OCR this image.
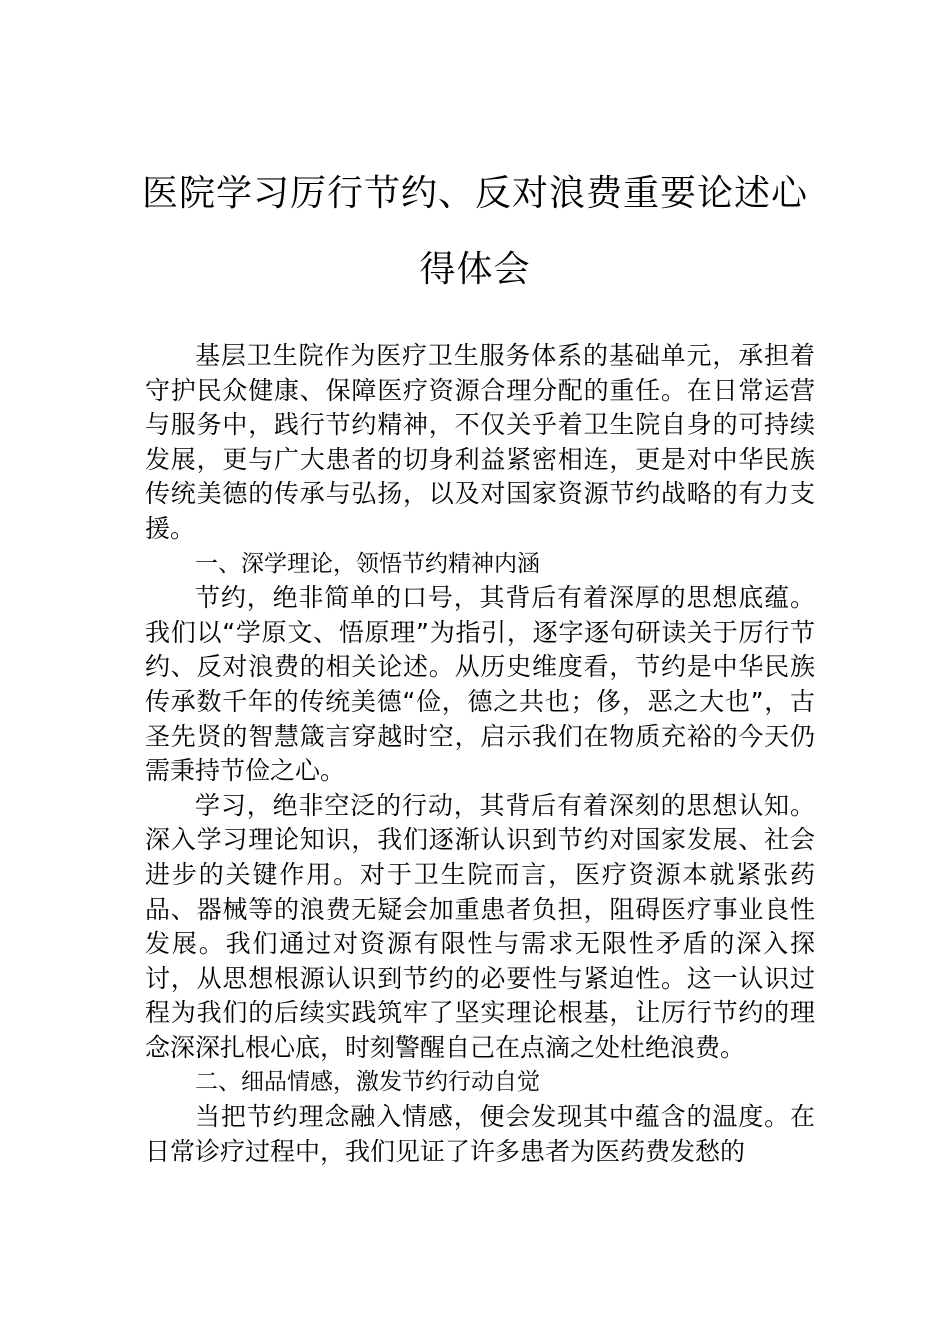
医院学习厉行节约、反对浪费重要论述心
得体会

基层卫生院作为医疗卫生服务体系的基础单元，承担着守护民众健康、保障医疗资源合理分配的重任。在日常运营与服务中，践行节约精神，不仅关乎着卫生院自身的可持续发展，更与广大患者的切身利益紧密相连，更是对中华民族传统美德的传承与弘扬，以及对国家资源节约战略的有力支援。

一、深学理论，领悟节约精神内涵

节约，绝非简单的口号，其背后有着深厚的思想底蕴。我们以“学原文、悟原理”为指引，逐字逐句研读关于厉行节约、反对浪费的相关论述。从历史维度看，节约是中华民族传承数千年的传统美德“俭，德之共也；侈，恶之大也”，古圣先贤的智慧箴言穿越时空，启示我们在物质充裕的今天仍需秉持节俭之心。

学习，绝非空泛的行动，其背后有着深刻的思想认知。深入学习理论知识，我们逐渐认识到节约对国家发展、社会进步的关键作用。对于卫生院而言，医疗资源本就紧张药品、器械等的浪费无疑会加重患者负担，阻碍医疗事业良性发展。我们通过对资源有限性与需求无限性矛盾的深入探讨，从思想根源认识到节约的必要性与紧迫性。这一认识过程为我们的后续实践筑牢了坚实理论根基，让厉行节约的理念深深扎根心底，时刻警醒自己在点滴之处杜绝浪费。

二、细品情感，激发节约行动自觉

当把节约理念融入情感，便会发现其中蕴含的温度。在日常诊疗过程中，我们见证了许多患者为医药费发愁的
